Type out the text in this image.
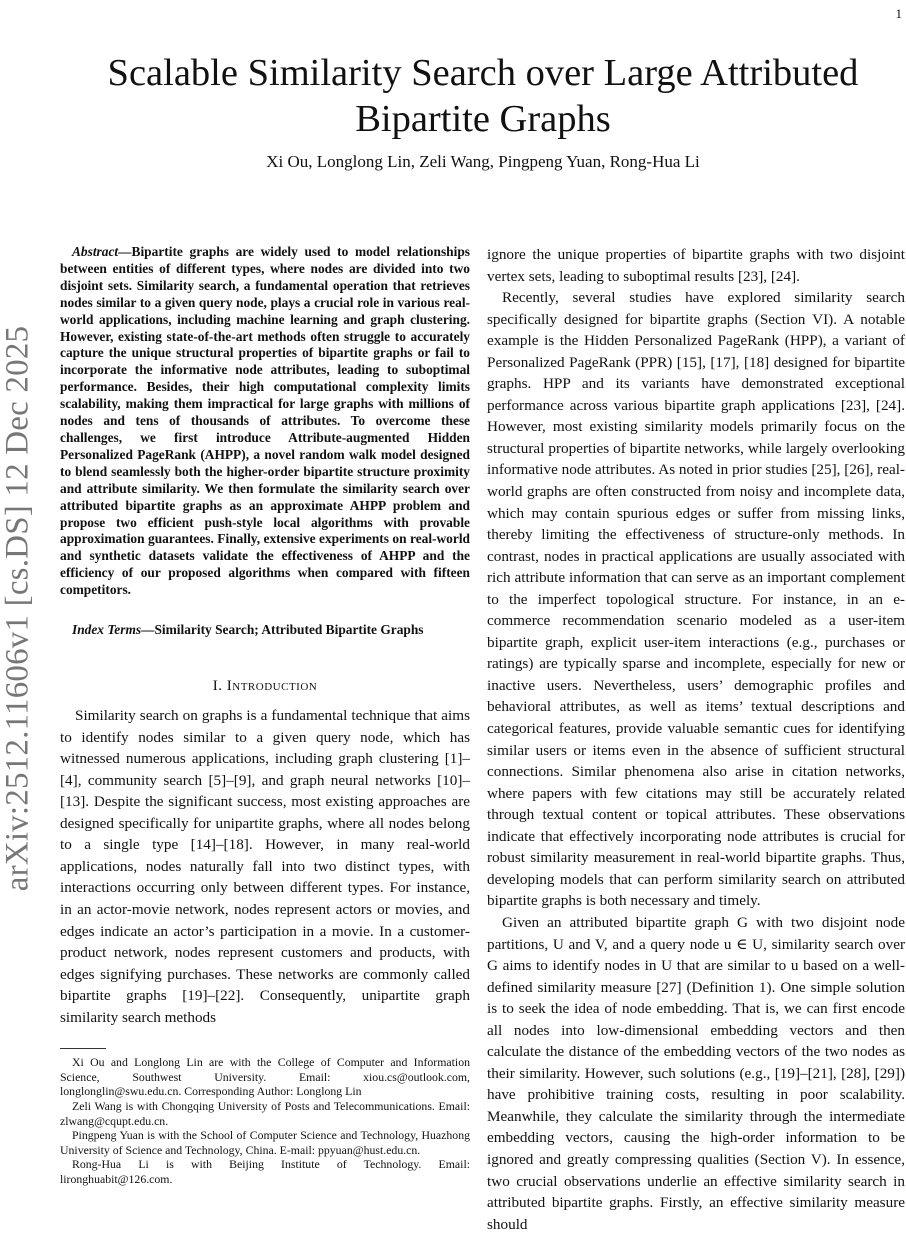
1
arXiv:2512.11606v1 [cs.DS] 12 Dec 2025
Scalable Similarity Search over Large Attributed Bipartite Graphs
Xi Ou, Longlong Lin, Zeli Wang, Pingpeng Yuan, Rong-Hua Li

Abstract—Bipartite graphs are widely used to model relationships between entities of different types, where nodes are divided into two disjoint sets. Similarity search, a fundamental operation that retrieves nodes similar to a given query node, plays a crucial role in various real-world applications, including machine learning and graph clustering. However, existing state-of-the-art methods often struggle to accurately capture the unique structural properties of bipartite graphs or fail to incorporate the informative node attributes, leading to suboptimal performance. Besides, their high computational complexity limits scalability, making them impractical for large graphs with millions of nodes and tens of thousands of attributes. To overcome these challenges, we first introduce Attribute-augmented Hidden Personalized PageRank (AHPP), a novel random walk model designed to blend seamlessly both the higher-order bipartite structure proximity and attribute similarity. We then formulate the similarity search over attributed bipartite graphs as an approximate AHPP problem and propose two efficient push-style local algorithms with provable approximation guarantees. Finally, extensive experiments on real-world and synthetic datasets validate the effectiveness of AHPP and the efficiency of our proposed algorithms when compared with fifteen competitors.

Index Terms—Similarity Search; Attributed Bipartite Graphs

I. Introduction

Similarity search on graphs is a fundamental technique that aims to identify nodes similar to a given query node, which has witnessed numerous applications, including graph clustering [1]–[4], community search [5]–[9], and graph neural networks [10]–[13]. Despite the significant success, most existing approaches are designed specifically for unipartite graphs, where all nodes belong to a single type [14]–[18]. However, in many real-world applications, nodes naturally fall into two distinct types, with interactions occurring only between different types. For instance, in an actor-movie network, nodes represent actors or movies, and edges indicate an actor’s participation in a movie. In a customer-product network, nodes represent customers and products, with edges signifying purchases. These networks are commonly called bipartite graphs [19]–[22]. Consequently, unipartite graph similarity search methods

Xi Ou and Longlong Lin are with the College of Computer and Information Science, Southwest University. Email: xiou.cs@outlook.com, longlonglin@swu.edu.cn. Corresponding Author: Longlong Lin

Zeli Wang is with Chongqing University of Posts and Telecommunications. Email: zlwang@cqupt.edu.cn.

Pingpeng Yuan is with the School of Computer Science and Technology, Huazhong University of Science and Technology, China. E-mail: ppyuan@hust.edu.cn.

Rong-Hua Li is with Beijing Institute of Technology. Email: lironghuabit@126.com.

ignore the unique properties of bipartite graphs with two disjoint vertex sets, leading to suboptimal results [23], [24].

Recently, several studies have explored similarity search specifically designed for bipartite graphs (Section VI). A notable example is the Hidden Personalized PageRank (HPP), a variant of Personalized PageRank (PPR) [15], [17], [18] designed for bipartite graphs. HPP and its variants have demonstrated exceptional performance across various bipartite graph applications [23], [24]. However, most existing similarity models primarily focus on the structural properties of bipartite networks, while largely overlooking informative node attributes. As noted in prior studies [25], [26], real-world graphs are often constructed from noisy and incomplete data, which may contain spurious edges or suffer from missing links, thereby limiting the effectiveness of structure-only methods. In contrast, nodes in practical applications are usually associated with rich attribute information that can serve as an important complement to the imperfect topological structure. For instance, in an e-commerce recommendation scenario modeled as a user-item bipartite graph, explicit user-item interactions (e.g., purchases or ratings) are typically sparse and incomplete, especially for new or inactive users. Nevertheless, users’ demographic profiles and behavioral attributes, as well as items’ textual descriptions and categorical features, provide valuable semantic cues for identifying similar users or items even in the absence of sufficient structural connections. Similar phenomena also arise in citation networks, where papers with few citations may still be accurately related through textual content or topical attributes. These observations indicate that effectively incorporating node attributes is crucial for robust similarity measurement in real-world bipartite graphs. Thus, developing models that can perform similarity search on attributed bipartite graphs is both necessary and timely.

Given an attributed bipartite graph G with two disjoint node partitions, U and V, and a query node u ∈ U, similarity search over G aims to identify nodes in U that are similar to u based on a well-defined similarity measure [27] (Definition 1). One simple solution is to seek the idea of node embedding. That is, we can first encode all nodes into low-dimensional embedding vectors and then calculate the distance of the embedding vectors of the two nodes as their similarity. However, such solutions (e.g., [19]–[21], [28], [29]) have prohibitive training costs, resulting in poor scalability. Meanwhile, they calculate the similarity through the intermediate embedding vectors, causing the high-order information to be ignored and greatly compressing qualities (Section V). In essence, two crucial observations underlie an effective similarity search in attributed bipartite graphs. Firstly, an effective similarity measure should
